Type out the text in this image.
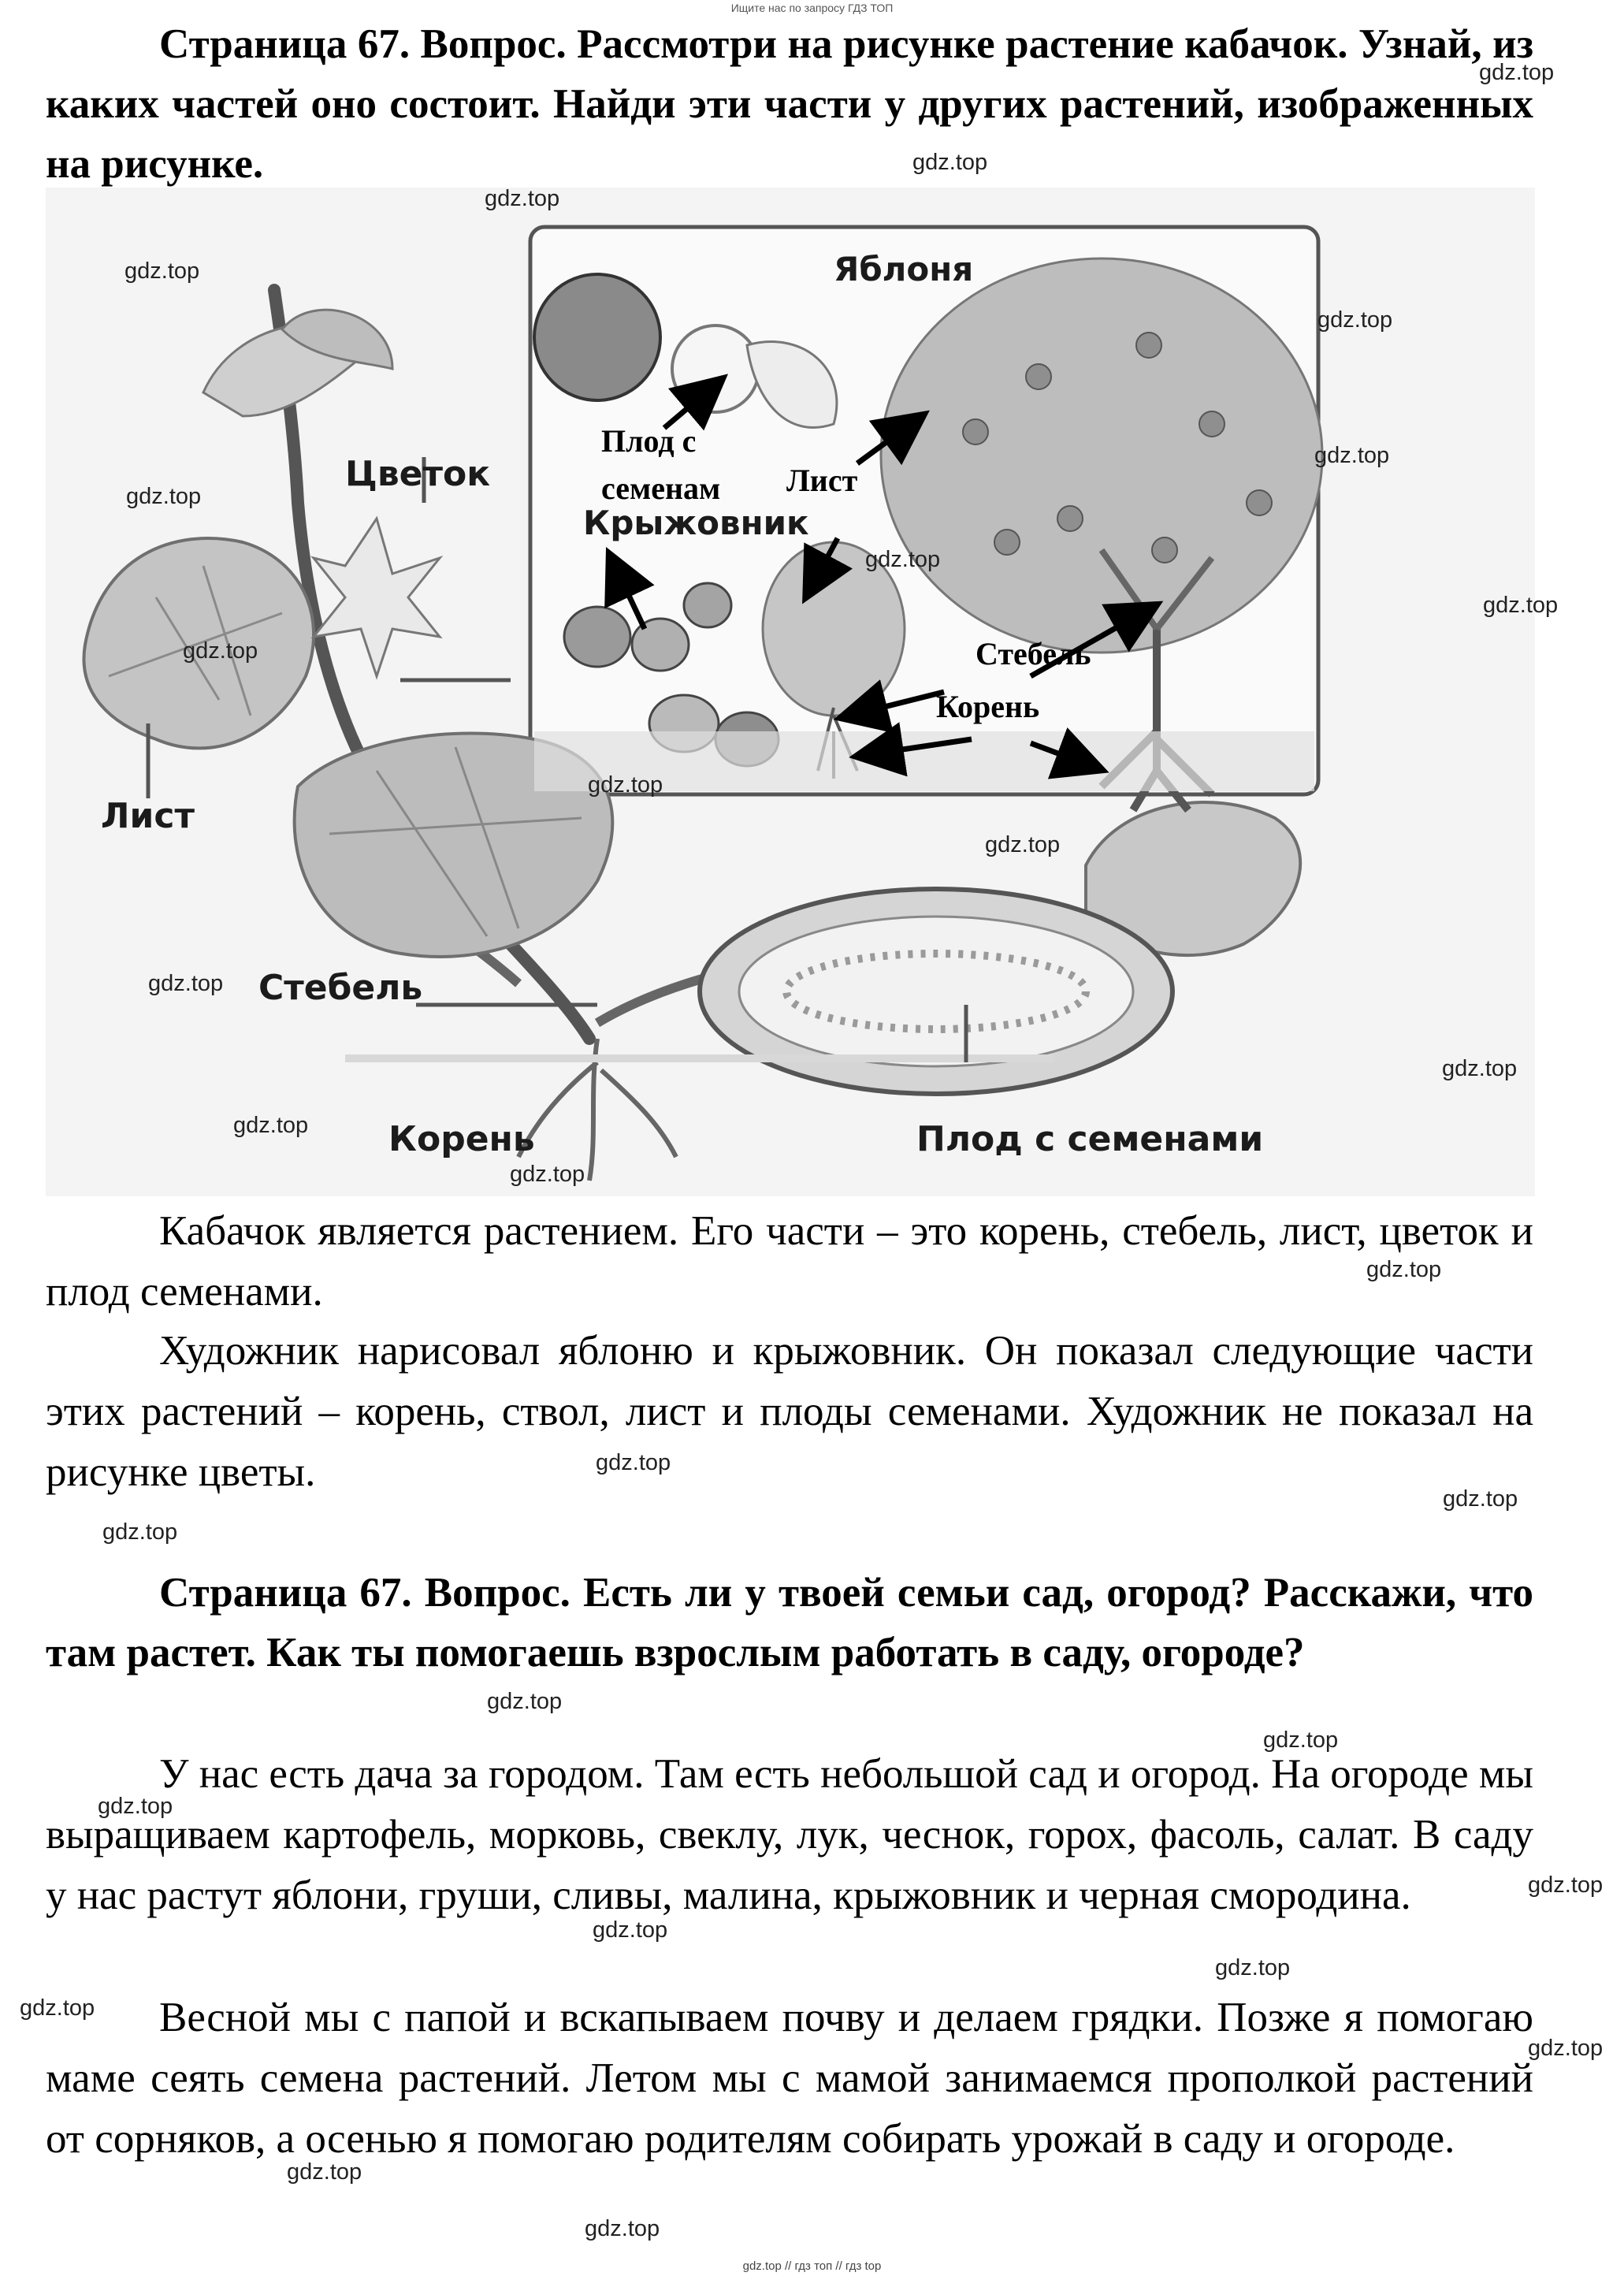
Ищите нас по запросу ГДЗ ТОП

Страница 67. Вопрос. Рассмотри на рисунке растение кабачок. Узнай, из каких частей оно состоит. Найди эти части у других растений, изображенных на рисунке.

Цветок
Лист
Стебель
Корень	Плод с семенами
Яблоня
Крыжовник
Плод с
семенам Лист
Стебель
Корень

Кабачок является растением. Его части – это корень, стебель, лист, цветок и плод семенами.

Художник нарисовал яблоню и крыжовник. Он показал следующие части этих растений – корень, ствол, лист и плоды семенами. Художник не показал на рисунке цветы.

Страница 67. Вопрос. Есть ли у твоей семьи сад, огород? Расскажи, что там растет. Как ты помогаешь взрослым работать в саду, огороде?

У нас есть дача за городом. Там есть небольшой сад и огород. На огороде мы выращиваем картофель, морковь, свеклу, лук, чеснок, горох, фасоль, салат. В саду у нас растут яблони, груши, сливы, малина, крыжовник и черная смородина.

Весной мы с папой и вскапываем почву и делаем грядки. Позже я помогаю маме сеять семена растений. Летом мы с мамой занимаемся прополкой растений от сорняков, а осенью я помогаю родителям собирать урожай в саду и огороде.

gdz.top
gdz.top
gdz.top
gdz.top
gdz.top
gdz.top
gdz.top
gdz.top
gdz.top
gdz.top
gdz.top
gdz.top
gdz.top
gdz.top
gdz.top
gdz.top
gdz.top
gdz.top
gdz.top
gdz.top
gdz.top
gdz.top
gdz.top
gdz.top
gdz.top
gdz.top
gdz.top
gdz.top
gdz.top
gdz.top
gdz.top // гдз топ // гдз top
